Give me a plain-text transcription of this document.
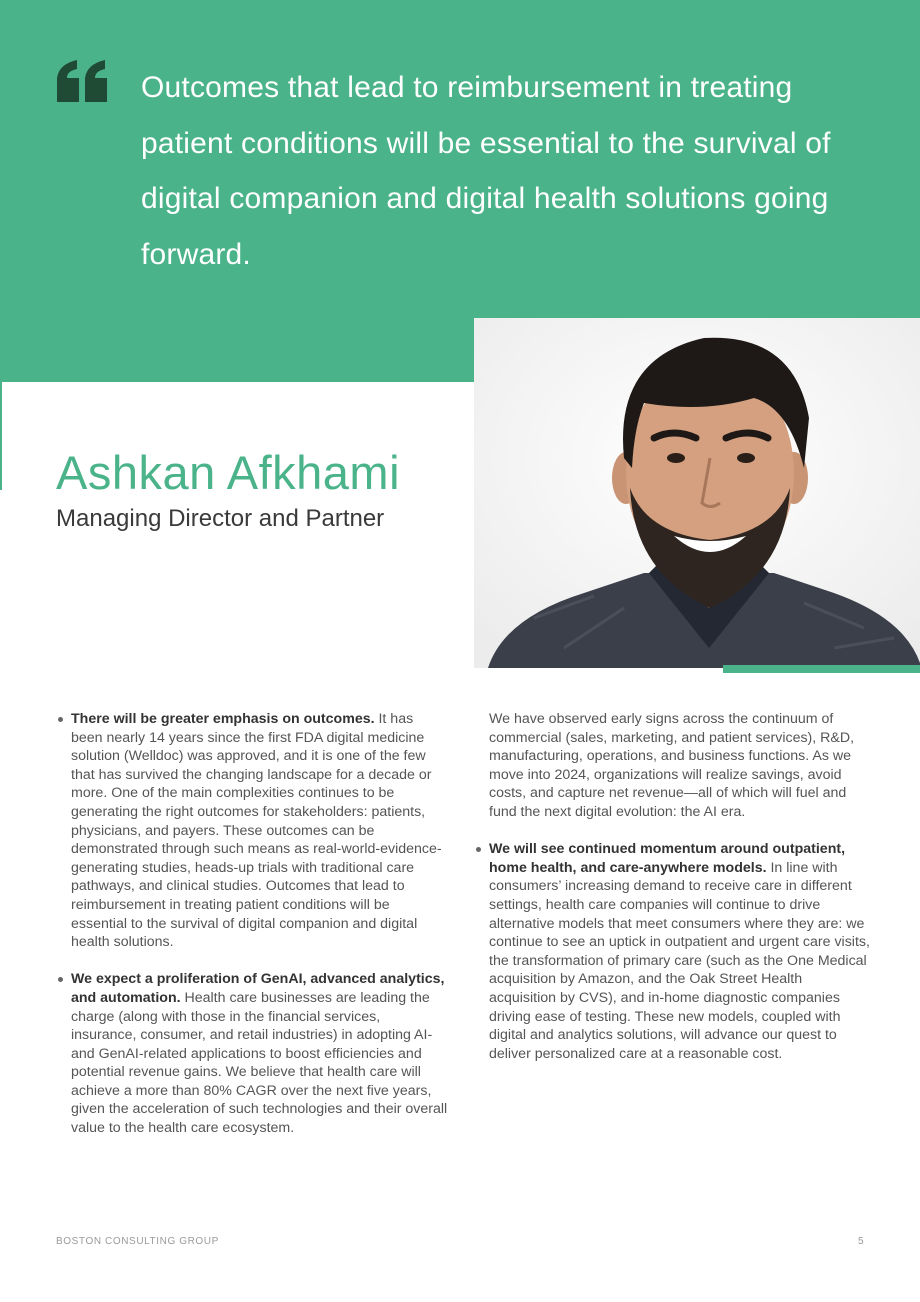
Outcomes that lead to reimbursement in treating patient conditions will be essential to the survival of digital companion and digital health solutions going forward.
Ashkan Afkhami
Managing Director and Partner
There will be greater emphasis on outcomes. It has been nearly 14 years since the first FDA digital medicine solution (Welldoc) was approved, and it is one of the few that has survived the changing landscape for a decade or more. One of the main complexities continues to be generating the right outcomes for stakeholders: patients, physicians, and payers. These outcomes can be demonstrated through such means as real-world-evidence-generating studies, heads-up trials with traditional care pathways, and clinical studies. Outcomes that lead to reimbursement in treating patient conditions will be essential to the survival of digital companion and digital health solutions.
We expect a proliferation of GenAI, advanced analytics, and automation. Health care businesses are leading the charge (along with those in the financial services, insurance, consumer, and retail industries) in adopting AI- and GenAI-related applications to boost efficiencies and potential revenue gains. We believe that health care will achieve a more than 80% CAGR over the next five years, given the acceleration of such technologies and their overall value to the health care ecosystem.
We have observed early signs across the continuum of commercial (sales, marketing, and patient services), R&D, manufacturing, operations, and business functions. As we move into 2024, organizations will realize savings, avoid costs, and capture net revenue—all of which will fuel and fund the next digital evolution: the AI era.
We will see continued momentum around outpatient, home health, and care-anywhere models. In line with consumers’ increasing demand to receive care in different settings, health care companies will continue to drive alternative models that meet consumers where they are: we continue to see an uptick in outpatient and urgent care visits, the transformation of primary care (such as the One Medical acquisition by Amazon, and the Oak Street Health acquisition by CVS), and in-home diagnostic companies driving ease of testing. These new models, coupled with digital and analytics solutions, will advance our quest to deliver personalized care at a reasonable cost.
BOSTON CONSULTING GROUP	5
